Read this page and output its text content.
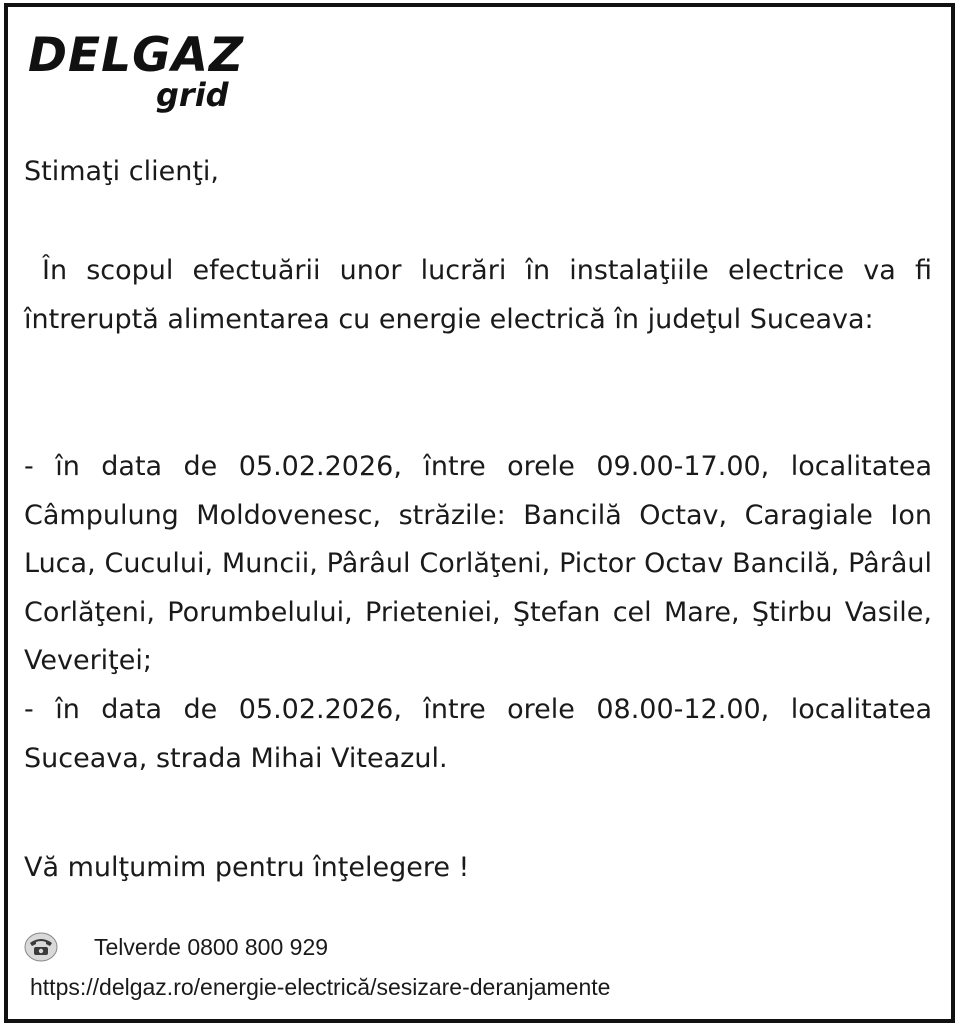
DELGAZ
grid

Stimaţi clienţi,

În scopul efectuării unor lucrări în instalaţiile electrice va fi întreruptă alimentarea cu energie electrică în judeţul Suceava:

- în data de 05.02.2026, între orele 09.00-17.00, localitatea Câmpulung Moldovenesc, străzile: Bancilă Octav, Caragiale Ion Luca, Cucului, Muncii, Pârâul Corlăţeni, Pictor Octav Bancilă, Pârâul Corlăţeni, Porumbelului, Prieteniei, Ştefan cel Mare, Ştirbu Vasile, Veveriţei;

- în data de 05.02.2026, între orele 08.00-12.00, localitatea Suceava, strada Mihai Viteazul.

Vă mulţumim pentru înţelegere !

Telverde 0800 800 929
https://delgaz.ro/energie-electrică/sesizare-deranjamente
